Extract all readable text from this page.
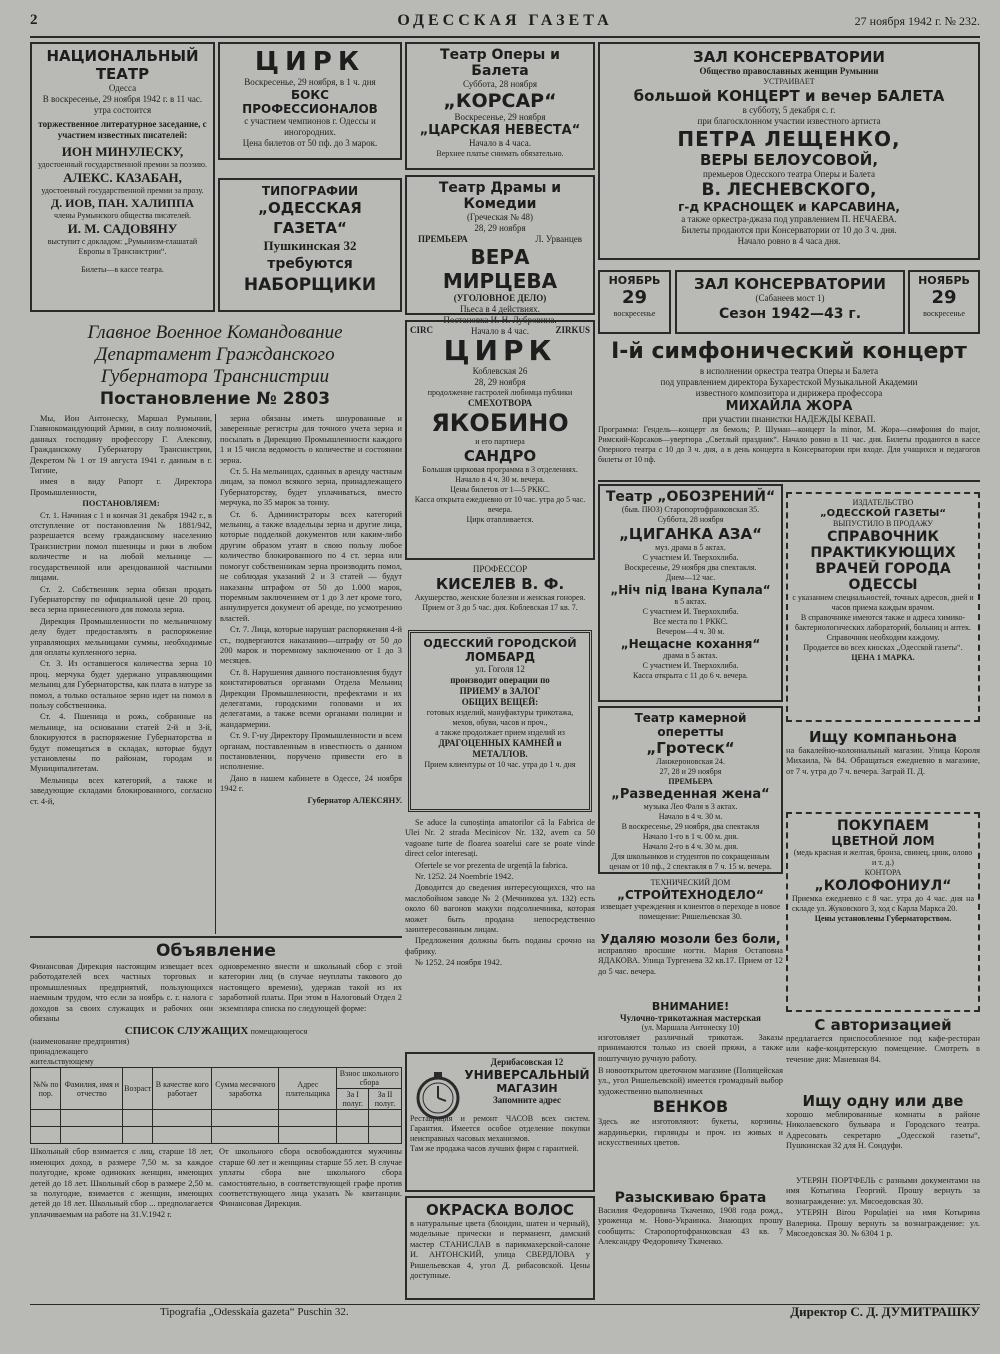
2	ОДЕССКАЯ ГАЗЕТА	27 ноября 1942 г. № 232.
НАЦИОНАЛЬНЫЙ ТЕАТР
Одесса
В воскресенье, 29 ноября 1942 г. в 11 час. утра состоится
торжественное литературное заседание, с участием известных писателей:
ИОН МИНУЛЕСКУ,
удостоенный государственной премии за поэзию.
АЛЕКС. КАЗАБАН,
удостоенный государственной премии за прозу.
Д. ИОВ, ПАН. ХАЛИППА
члены Румынского общества писателей.
И. М. САДОВЯНУ
выступит с докладом: „Румынизм-глашатай Европы в Транснистрии“.
Билеты—в кассе театра.
ЦИРК
Воскресенье, 29 ноября, в 1 ч. дня
БОКС ПРОФЕССИОНАЛОВ
с участием чемпионов г. Одессы и иногородних.
Цена билетов от 50 пф. до 3 марок.
ТИПОГРАФИИ
„ОДЕССКАЯ ГАЗЕТА“
Пушкинская 32
требуются
НАБОРЩИКИ
Театр Оперы и Балета
Суббота, 28 ноября
„КОРСАР“
Воскресенье, 29 ноября
„ЦАРСКАЯ НЕВЕСТА“
Начало в 4 часа.
Верхнее платье снимать обязательно.
Театр Драмы и Комедии
(Греческая № 48)
28, 29 ноября
ПРЕМЬЕРА	Л. Урванцев
ВЕРА МИРЦЕВА
(УГОЛОВНОЕ ДЕЛО)
Пьеса в 4 действиях.
Постановка И. Н. Лубровина.
Начало в 4 час.
ЗАЛ КОНСЕРВАТОРИИ
Общество православных женщин Румынии
УСТРАИВАЕТ
большой КОНЦЕРТ и вечер БАЛЕТА
в субботу, 5 декабря с. г.
при благосклонном участии известного артиста
ПЕТРА ЛЕЩЕНКО,
ВЕРЫ БЕЛОУСОВОЙ,
премьеров Одесского театра Оперы и Балета
В. ЛЕСНЕВСКОГО,
г-д КРАСНОЩЕК и КАРСАВИНА,
а также оркестра-джаза под управлением П. НЕЧАЕВА.
Билеты продаются при Консерватории от 10 до 3 ч. дня.
Начало ровно в 4 часа дня.
НОЯБРЬ
29
воскресенье
ЗАЛ КОНСЕРВАТОРИИ
(Сабанеев мост 1)
Сезон 1942—43 г.
НОЯБРЬ
29
воскресенье
I-й симфонический концерт
в исполнении оркестра театра Оперы и Балета
под управлением директора Бухарестской Музыкальной Академии
известного композитора и дирижера профессора
МИХАЙЛА ЖОРА
при участии пианистки НАДЕЖДЫ КЕВАП.
Программа: Гендель—концерт ля бемоль; Р. Шуман—концерт la minor, М. Жора—симфония do major, Римский-Корсаков—увертюра „Светлый праздник“. Начало ровно в 11 час. дня. Билеты продаются в кассе Оперного театра с 10 до 3 ч. дня, а в день концерта в Консерватории при входе. Для учащихся и педагогов билеты от 10 пф.
Главное Военное Командование
Департамент Гражданского
Губернатора Транснистрии
Постановление № 2803

Мы, Ион Антонеску, Маршал Румынии, Главнокомандующий Армии, в силу полномочий, данных господину профессору Г. Алексяну, Гражданскому Губернатору Транснистрии, Декретом № 1 от 19 августа 1941 г. данным в г. Тигине,

имея в виду Рапорт г. Директора Промышленности,

ПОСТАНОВЛЯЕМ:

Ст. 1. Начиная с 1 и кончая 31 декабря 1942 г., в отступление от постановления № 1881/942, разрешается всему гражданскому населению Транснистрии помол пшеницы и ржи в любом количестве и на любой мельнице — государственной или арендованной частными лицами.

Ст. 2. Собственник зерна обязан продать Губернаторству по официальной цене 20 проц. веса зерна принесенного для помола зерна.

Дирекция Промышленности по мельничному делу будет предоставлять в распоряжение управляющих мельницами суммы, необходимые для оплаты купленного зерна.

Ст. 3. Из оставшегося количества зерна 10 проц. мерчука будет удержано управляющими мельниц для Губернаторства, как плата в натуре за помол, а только остальное зерно идет на помол в пользу собственника.

Ст. 4. Пшеница и рожь, собранные на мельнице, на основании статей 2-й и 3-й, блокируются в распоряжение Губернаторства и будут помещаться в складах, которые будут установлены по районам, городам и Муниципалитетам.

Мельницы всех категорий, а также и заведующие складами блокированного, согласно ст. 4-й,

зерна обязаны иметь шнурованные и заверенные регистры для точного учета зерна и посылать в Дирекцию Промышленности каждого 1 и 15 числа ведомость о количестве и состоянии зерна.

Ст. 5. На мельницах, сданных в аренду частным лицам, за помол всякого зерна, принадлежащего Губернаторству, будет уплачиваться, вместо мерчука, по 35 марок за тонну.

Ст. 6. Администраторы всех категорий мельниц, а также владельцы зерна и другие лица, которые подделкой документов или каким-либо другим образом утаят в свою пользу любое количество блокированного по 4 ст. зерна или помогут собственникам зерна производить помол, не соблюдая указаний 2 и 3 статей — будут наказаны штрафом от 50 до 1.000 марок, тюремным заключением от 1 до 3 лет кроме того, аннулируется документ об аренде, по усмотрению властей.

Ст. 7. Лица, которые нарушат распоряжения 4-й ст., подвергаются наказанию—штрафу от 50 до 200 марок и тюремному заключению от 1 до 3 месяцев.

Ст. 8. Нарушения данного постановления будут констатироваться органами Отдела Мельниц Дирекции Промышленности, префектами и их делегатами, городскими головами и их делегатами, а также всеми органами полиции и жандармерии.

Ст. 9. Г-ну Директору Промышленности и всем органам, поставленным в известность о данном постановлении, поручено привести его в исполнение.

Дано в нашем кабинете в Одессе, 24 ноября 1942 г.

Губернатор АЛЕКСЯНУ.

Объявление
Финансовая Дирекция настоящим извещает всех работодателей всех частных торговых и промышленных предприятий, пользующихся наемным трудом, что если за ноябрь с. г. налога с доходов за своих служащих и рабочих они обязаны
одновременно внести и школьный сбор с этой категории лиц (в случае неуплаты такового до настоящего времени), удержав такой из их заработной платы. При этом в Налоговый Отдел 2 экземпляра списка по следующей форме:
СПИСОК СЛУЖАЩИХ помещающегося
(наименование предприятия)
принадлежащего
жительствующему
№№ по пор.	Фамилия, имя и отчество	Возраст	В качестве кого работает	Сумма месячного заработка	Адрес плательщика	Взнос школьного сбора	
						За I полуг.	За II полуг.

Школьный сбор взимается с лиц, старше 18 лет, имеющих доход, в размере 7,50 м. за каждое полугодие, кроме одиноких женщин, имеющих детей до 18 лет. Школьный сбор в размере 2,50 м. за полугодие, взимается с женщин, имеющих детей до 18 лет. Школьный сбор ... предполагается уплачиваемым на работе на 31.V.1942 г.
От школьного сбора освобождаются мужчины старше 60 лет и женщины старше 55 лет. В случае уплаты сбора вне школьного сбора самостоятельно, в соответствующей графе против соответствующего лица указать № квитанции. Финансовая Дирекция.
CIRC	ZIRKUS
ЦИРК
Коблевская 26
28, 29 ноября
продолжение гастролей любимца публики
СМЕХОТВОРА
ЯКОБИНО
и его партнера
САНДРО
Большая цирковая программа в 3 отделениях.
Начало в 4 ч. 30 м. вечера.
Цены билетов от 1—5 РККС.
Касса открыта ежедневно от 10 час. утра до 5 час. вечера.
Цирк отапливается.
ПРОФЕССОР
КИСЕЛЕВ В. Ф.
Акушерство, женские болезни и женская гонорея.
Прием от 3 до 5 час. дня. Коблевская 17 кв. 7.
ОДЕССКИЙ ГОРОДСКОЙ
ЛОМБАРД
ул. Гоголя 12
производит операции по
ПРИЕМУ в ЗАЛОГ
ОБЩИХ ВЕЩЕЙ:
готовых изделий, мануфактуры трикотажа, мехов, обуви, часов и проч.,
а также продолжает прием изделий из
ДРАГОЦЕННЫХ КАМНЕЙ и МЕТАЛЛОВ.
Прием клиентуры от 10 час. утра до 1 ч. дня

Se aduce la cunoștința amatorilor că la Fabrica de Ulei Nr. 2 strada Mecinicov Nr. 132, avem ca 50 vagoane turte de floarea soarelui care se poate vinde direct celor interesați.

Ofertele se vor prezenta de urgență la fabrica.

Nr. 1252. 24 Noembrie 1942.

Доводится до сведения интересующихся, что на маслобойном заводе № 2 (Мечникова ул. 132) есть около 60 вагонов макухи подсолнечника, которая может быть продана непосредственно заинтересованным лицам.

Предложения должны быть поданы срочно на фабрику.

№ 1252. 24 ноября 1942.

Дерибасовская 12
УНИВЕРСАЛЬНЫЙ
МАГАЗИН
Запомните адрес
Реставрация и ремонт ЧАСОВ всех систем. Гарантия. Имеется особое отделение покупки неисправных часовых механизмов.
Там же продажа часов лучших фирм с гарантией.
ОКРАСКА ВОЛОС
в натуральные цвета (блондин, шатен и черный), модельные прически и перманент, дамский мастер СТАНИСЛАВ в парикмахерской-салоне И. АНТОНСКИЙ, улица СВЕРДЛОВА у Ришельевская 4, угол Д. рибасовской. Цены доступные.
Театр „ОБОЗРЕНИЙ“
(быв. ПЮЗ) Старопортофранковская 35.
Суббота, 28 ноября
„ЦИГАНКА АЗА“
муз. драма в 5 актах.
С участием И. Тверхохлиба.
Воскресенье, 29 ноября два спектакля.
Днем—12 час.
„Ніч під Івана Купала“
в 5 актах.
С участием И. Тверхохлиба.
Все места по 1 РККС.
Вечером—4 ч. 30 м.
„Нещасне кохання“
драма в 5 актах.
С участием И. Тверхохлиба.
Касса открыта с 11 до 6 ч. вечера.
Театр камерной оперетты
„Гротеск“
Ланжероновская 24.
27, 28 и 29 ноября
ПРЕМЬЕРА
„Разведенная жена“
музыка Лео Фаля в 3 актах.
Начало в 4 ч. 30 м.
В воскресенье, 29 ноября, два спектакля
Начало 1-го в 1 ч. 00 м. дня.
Начало 2-го в 4 ч. 30 м. дня.
Для школьников и студентов по сокращенным ценам от 10 пф., 2 спектакля в 7 ч. 15 м. вечера.
ТЕХНИЧЕСКИЙ ДОМ
„СТРОЙТЕХНОДЕЛО“
извещает учреждения и клиентов о переходе в новое помещение: Ришельевская 30.
Удаляю мозоли без боли,
исправляю вросшие ногти. Мария Остаповна ЯДАКОВА. Улица Тургенева 32 кв.17. Прием от 12 до 5 час. вечера.
ВНИМАНИЕ!
Чулочно-трикотажная мастерская
(ул. Маршала Антонеску 10)
изготовляет различный трикотаж. Заказы принимаются только из своей пряжи, а также поштучную ручную работу.
В новооткрытом цветочном магазине (Полицейская ул., угол Ришельевской) имеется громадный выбор художественно выполненных
ВЕНКОВ
Здесь же изготовляют: букеты, корзины, жардиньерки, гирлянды и проч. из живых и искусственных цветов.
Разыскиваю брата
Василия Федоровича Ткаченко, 1908 года рожд., уроженца м. Ново-Украинка. Знающих прошу сообщить: Старопортофранковская 43 кв. 7 Александру Федоровичу Ткаченко.
ИЗДАТЕЛЬСТВО
„ОДЕССКОЙ ГАЗЕТЫ“
ВЫПУСТИЛО В ПРОДАЖУ
СПРАВОЧНИК
ПРАКТИКУЮЩИХ
ВРАЧЕЙ ГОРОДА
ОДЕССЫ
с указанием специальностей, точных адресов, дней и часов приема каждым врачом.
В справочнике имеются также и адреса химико-бактериологических лабораторий, больниц и аптек.
Справочник необходим каждому.
Продается во всех киосках „Одесской газеты“.
ЦЕНА 1 МАРКА.
Ищу компаньона
на бакалейно-колониальный магазин. Улица Короля Михаила, № 84. Обращаться ежедневно в магазине, от 7 ч. утра до 7 ч. вечера. Заграй П. Д.
ПОКУПАЕМ
ЦВЕТНОЙ ЛОМ
(медь красная и желтая, бронза, свинец, цинк, олово и т. д.)
КОНТОРА
„КОЛОФОНИУЛ“
Приемка ежедневно с 8 час. утра до 4 час. дня на складе ул. Жуковского 3, ход с Карла Маркса 20.
Цены установлены Губерматорством.
С авторизацией
предлагается приспособленное под кафе-ресторан или кафе-кондитерскую помещение. Смотреть в течение дня: Маневная 84.
Ищу одну или две
хорошо меблированные комнаты в районе Николаевского бульвара и Городского театра. Адресовать секретарю „Одесской газеты“, Пушкинская 32 для Н. Сондуфи.

УТЕРЯН ПОРТФЕЛЬ с разными документами на имя Котыгина Георгий. Прошу вернуть за вознаграждение: ул. Мясоедовская 30.

УТЕРЯН Birou Populației на имя Котырина Валерика. Прошу вернуть за вознаграждение: ул. Мясоедовская 30. № 6304 1 р.

Tipografia „Odesskaia gazeta“ Puschin 32.	Директор С. Д. ДУМИТРАШКУ
